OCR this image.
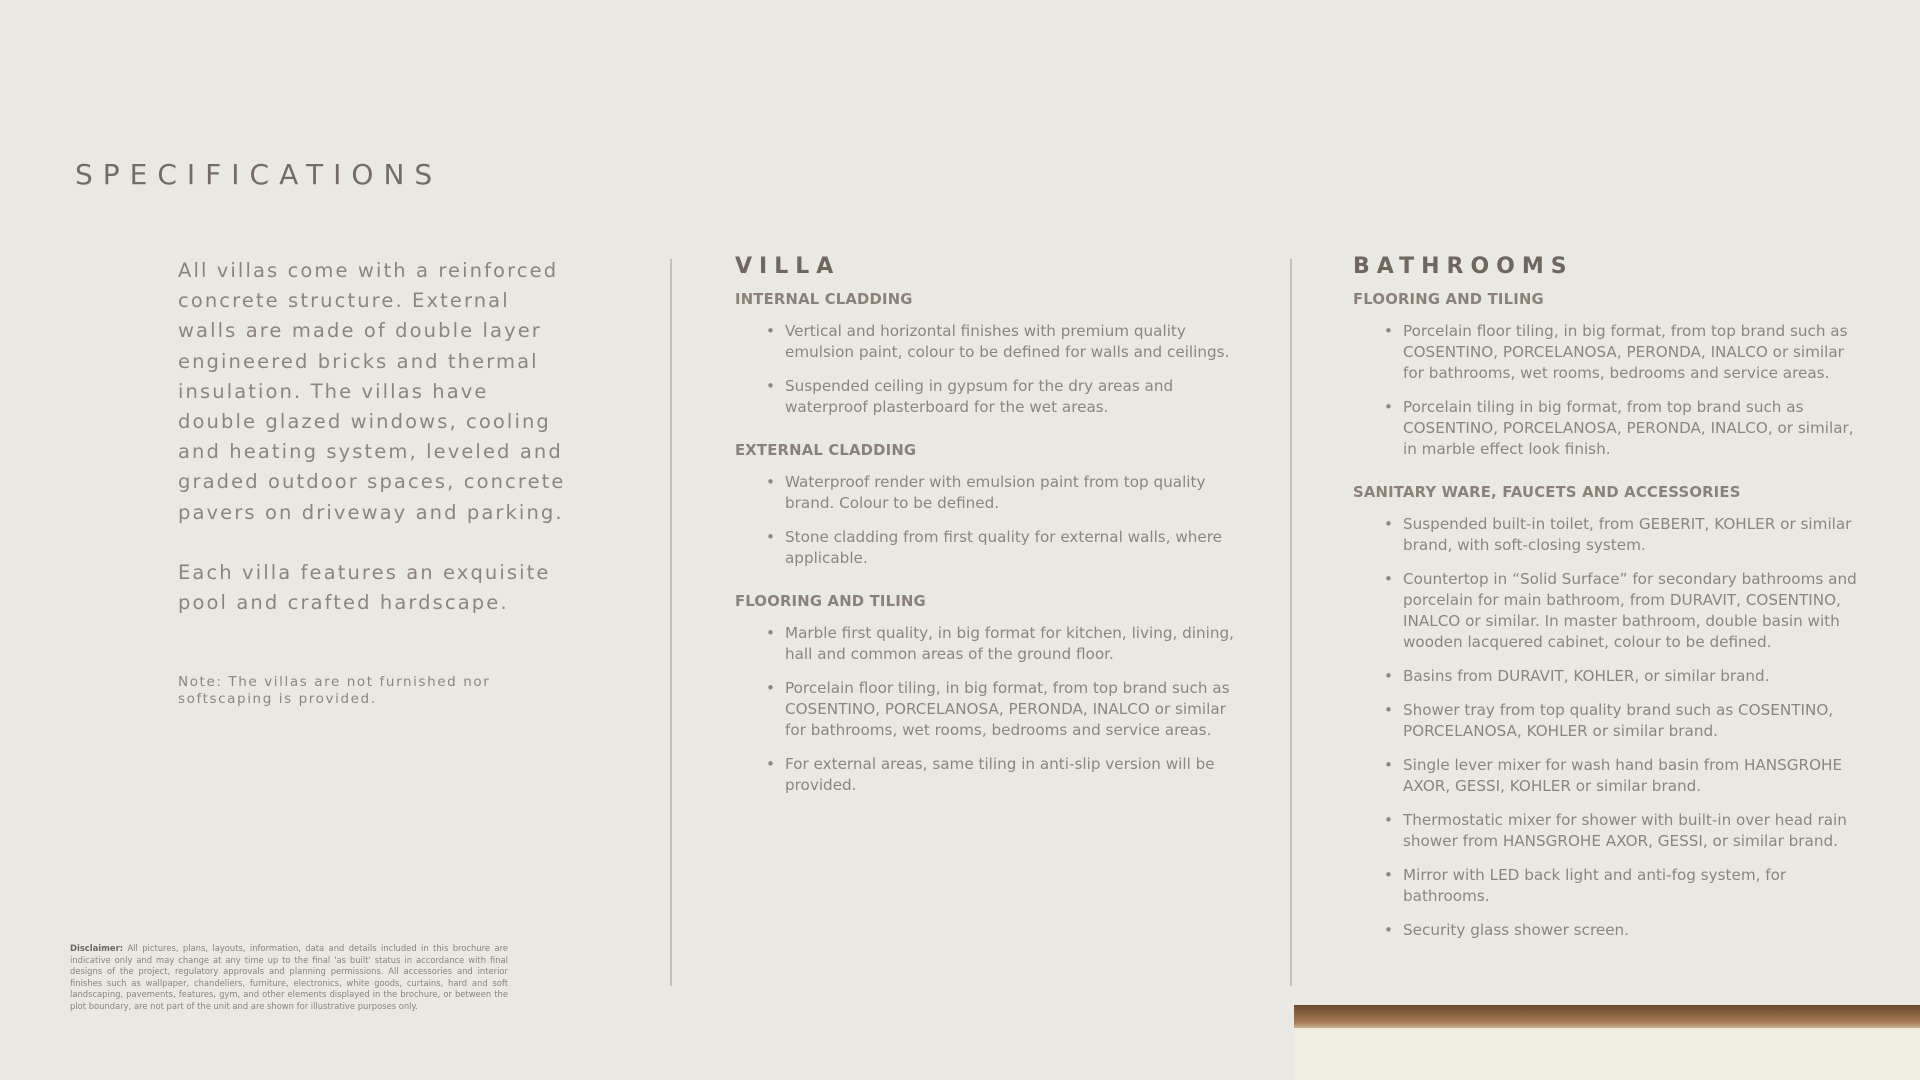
SPECIFICATIONS

All villas come with a reinforced concrete structure. External walls are made of double layer engineered bricks and thermal insulation. The villas have double glazed windows, cooling and heating system, leveled and graded outdoor spaces, concrete pavers on driveway and parking.

Each villa features an exquisite pool and crafted hardscape.

Note: The villas are not furnished nor softscaping is provided.

Disclaimer: All pictures, plans, layouts, information, data and details included in this brochure are indicative only and may change at any time up to the final 'as built' status in accordance with final designs of the project, regulatory approvals and planning permissions. All accessories and interior finishes such as wallpaper, chandeliers, furniture, electronics, white goods, curtains, hard and soft landscaping, pavements, features, gym, and other elements displayed in the brochure, or between the plot boundary, are not part of the unit and are shown for illustrative purposes only.
VILLA
INTERNAL CLADDING
• Vertical and horizontal finishes with premium quality emulsion paint, colour to be defined for walls and ceilings.
• Suspended ceiling in gypsum for the dry areas and waterproof plasterboard for the wet areas.
EXTERNAL CLADDING
• Waterproof render with emulsion paint from top quality brand. Colour to be defined.
• Stone cladding from first quality for external walls, where applicable.
FLOORING AND TILING
• Marble first quality, in big format for kitchen, living, dining, hall and common areas of the ground floor.
• Porcelain floor tiling, in big format, from top brand such as COSENTINO, PORCELANOSA, PERONDA, INALCO or similar for bathrooms, wet rooms, bedrooms and service areas.
• For external areas, same tiling in anti-slip version will be provided.
BATHROOMS
FLOORING AND TILING
• Porcelain floor tiling, in big format, from top brand such as COSENTINO, PORCELANOSA, PERONDA, INALCO or similar for bathrooms, wet rooms, bedrooms and service areas.
• Porcelain tiling in big format, from top brand such as COSENTINO, PORCELANOSA, PERONDA, INALCO, or similar, in marble effect look finish.
SANITARY WARE, FAUCETS AND ACCESSORIES
• Suspended built-in toilet, from GEBERIT, KOHLER or similar brand, with soft-closing system.
• Countertop in “Solid Surface” for secondary bathrooms and porcelain for main bathroom, from DURAVIT, COSENTINO, INALCO or similar. In master bathroom, double basin with wooden lacquered cabinet, colour to be defined.
• Basins from DURAVIT, KOHLER, or similar brand.
• Shower tray from top quality brand such as COSENTINO, PORCELANOSA, KOHLER or similar brand.
• Single lever mixer for wash hand basin from HANSGROHE AXOR, GESSI, KOHLER or similar brand.
• Thermostatic mixer for shower with built-in over head rain shower from HANSGROHE AXOR, GESSI, or similar brand.
• Mirror with LED back light and anti-fog system, for bathrooms.
• Security glass shower screen.
